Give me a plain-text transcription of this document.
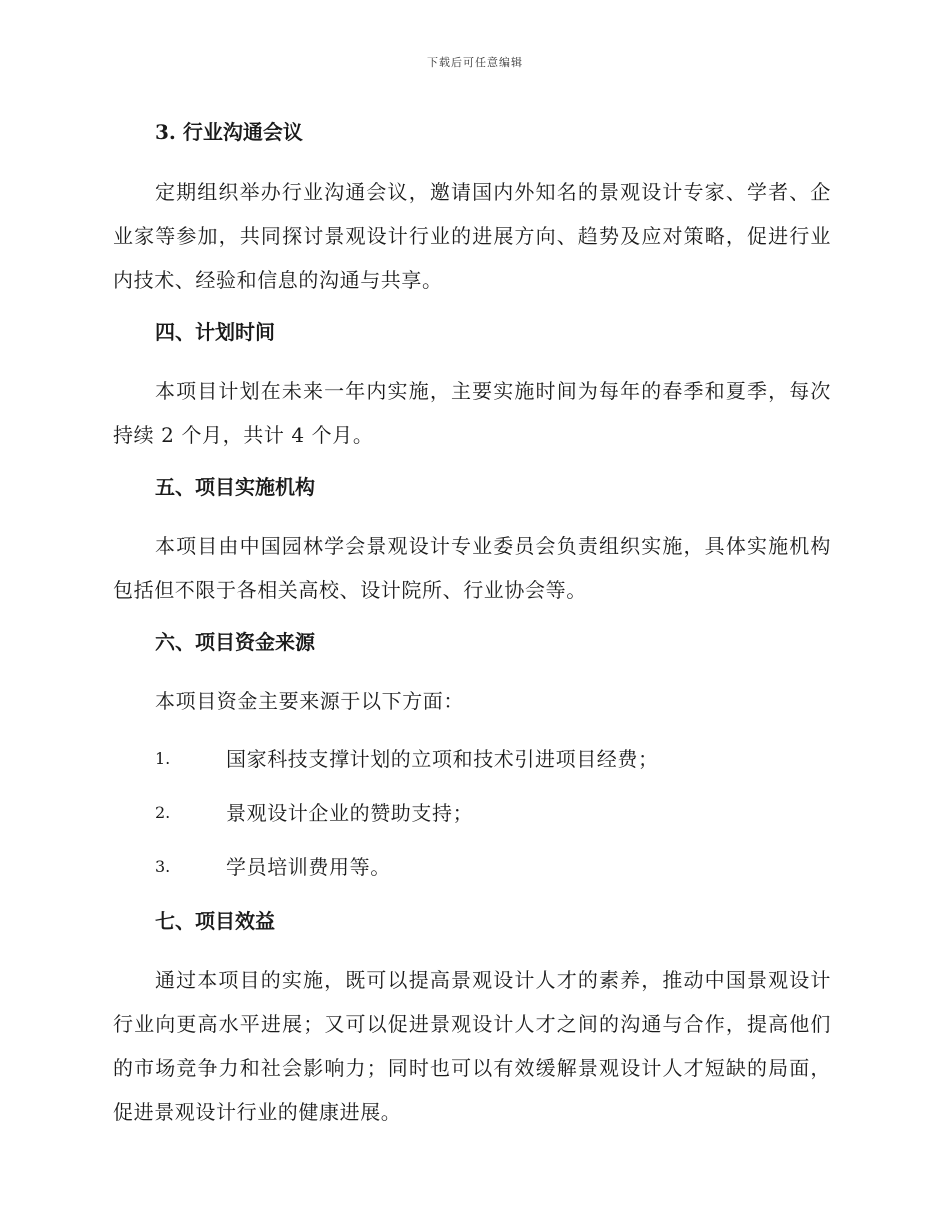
下载后可任意编辑

3. 行业沟通会议

定期组织举办行业沟通会议，邀请国内外知名的景观设计专家、学者、企业家等参加，共同探讨景观设计行业的进展方向、趋势及应对策略，促进行业内技术、经验和信息的沟通与共享。

四、计划时间

本项目计划在未来一年内实施，主要实施时间为每年的春季和夏季，每次持续 2 个月，共计 4 个月。

五、项目实施机构

本项目由中国园林学会景观设计专业委员会负责组织实施，具体实施机构包括但不限于各相关高校、设计院所、行业协会等。

六、项目资金来源

本项目资金主要来源于以下方面：

1.	国家科技支撑计划的立项和技术引进项目经费；
2.	景观设计企业的赞助支持；
3.	学员培训费用等。

七、项目效益

通过本项目的实施，既可以提高景观设计人才的素养，推动中国景观设计行业向更高水平进展；又可以促进景观设计人才之间的沟通与合作，提高他们的市场竞争力和社会影响力；同时也可以有效缓解景观设计人才短缺的局面，促进景观设计行业的健康进展。
